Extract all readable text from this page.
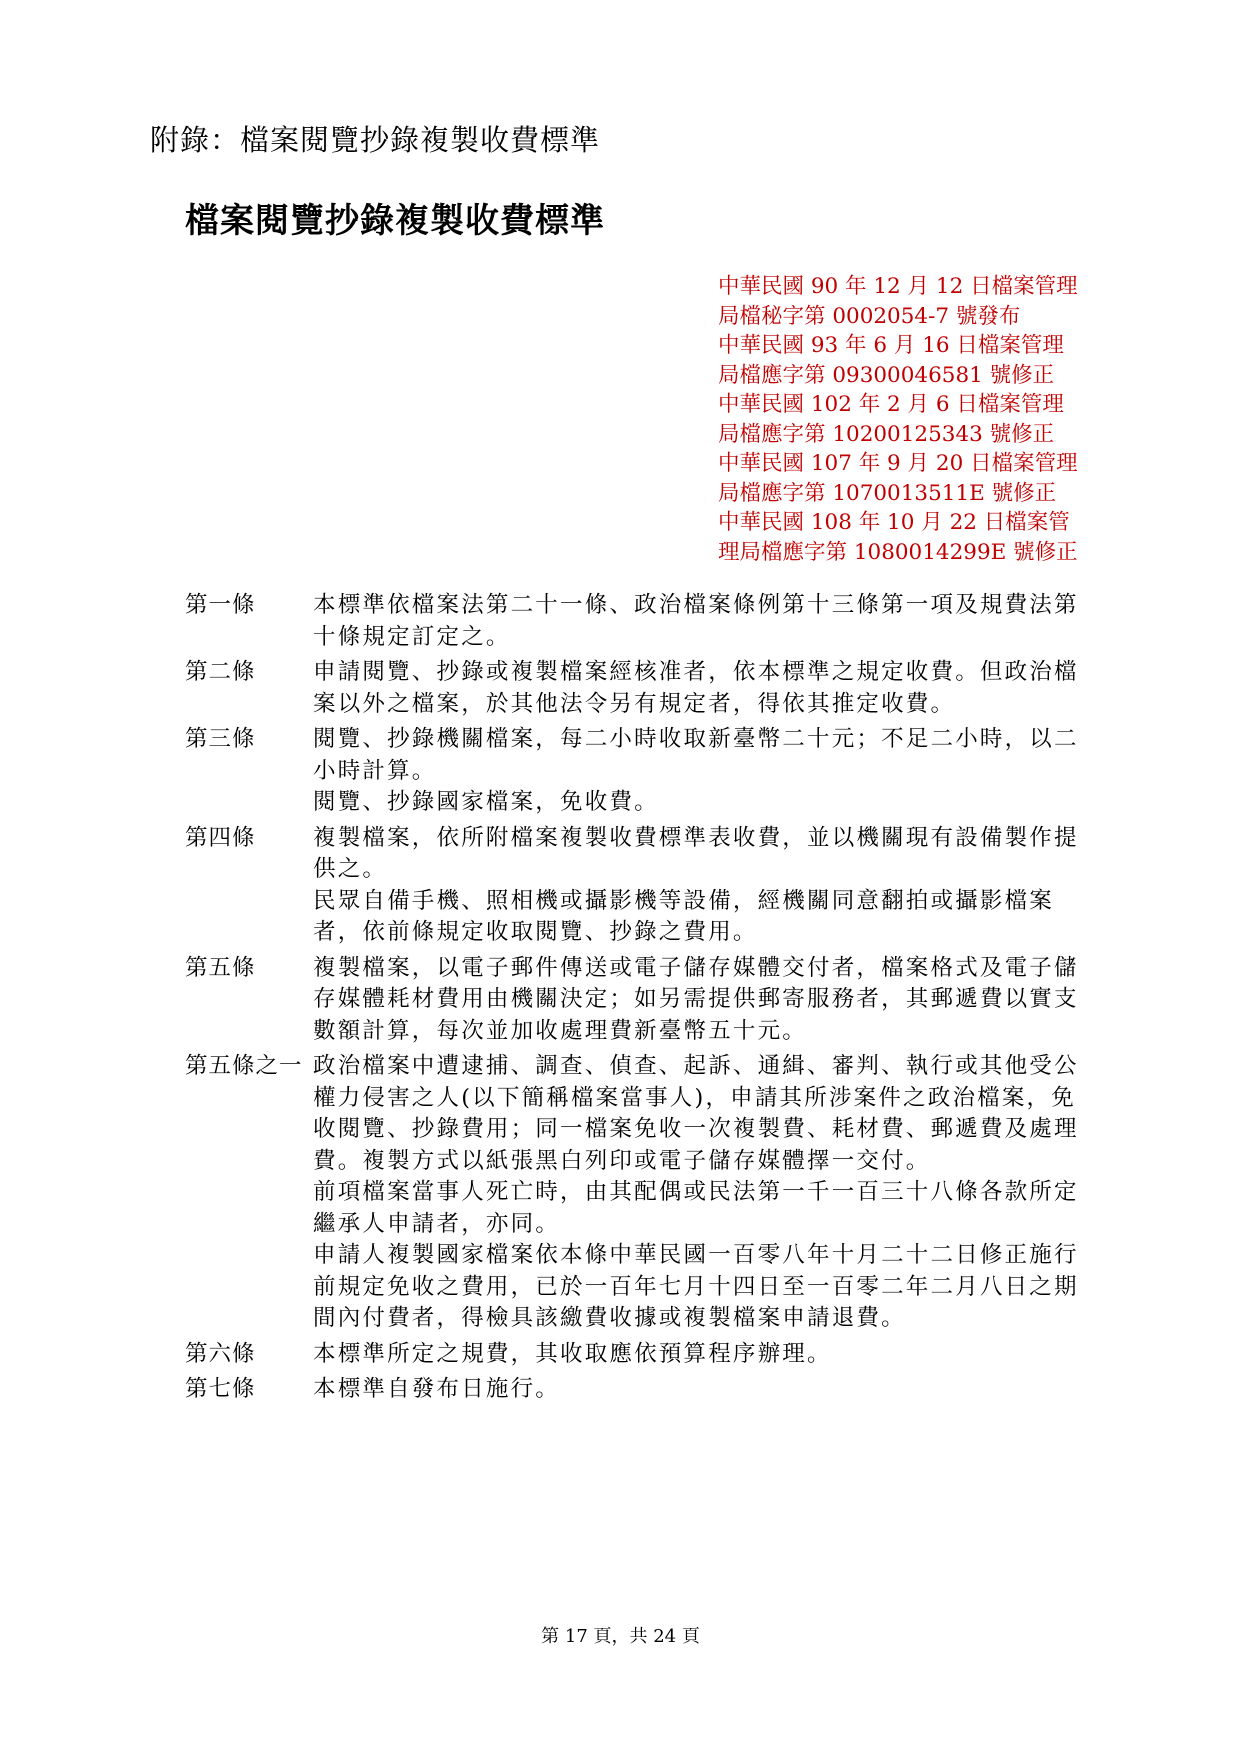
附錄：檔案閱覽抄錄複製收費標準
檔案閱覽抄錄複製收費標準
中華民國 90 年 12 月 12 日檔案管理
局檔秘字第 0002054-7 號發布
中華民國 93 年 6 月 16 日檔案管理
局檔應字第 09300046581 號修正
中華民國 102 年 2 月 6 日檔案管理
局檔應字第 10200125343 號修正
中華民國 107 年 9 月 20 日檔案管理
局檔應字第 1070013511E 號修正
中華民國 108 年 10 月 22 日檔案管
理局檔應字第 1080014299E 號修正
第一條	本標準依檔案法第二十一條、政治檔案條例第十三條第一項及規費法第十條規定訂定之。
第二條	申請閱覽、抄錄或複製檔案經核准者，依本標準之規定收費。但政治檔案以外之檔案，於其他法令另有規定者，得依其推定收費。
第三條	閱覽、抄錄機關檔案，每二小時收取新臺幣二十元；不足二小時，以二小時計算。
閱覽、抄錄國家檔案，免收費。
第四條	複製檔案，依所附檔案複製收費標準表收費，並以機關現有設備製作提供之。
民眾自備手機、照相機或攝影機等設備，經機關同意翻拍或攝影檔案者，依前條規定收取閱覽、抄錄之費用。
第五條	複製檔案，以電子郵件傳送或電子儲存媒體交付者，檔案格式及電子儲存媒體耗材費用由機關決定；如另需提供郵寄服務者，其郵遞費以實支數額計算，每次並加收處理費新臺幣五十元。
第五條之一 政治檔案中遭逮捕、調查、偵查、起訴、通緝、審判、執行或其他受公權力侵害之人(以下簡稱檔案當事人)，申請其所涉案件之政治檔案，免收閱覽、抄錄費用；同一檔案免收一次複製費、耗材費、郵遞費及處理費。複製方式以紙張黑白列印或電子儲存媒體擇一交付。
前項檔案當事人死亡時，由其配偶或民法第一千一百三十八條各款所定繼承人申請者，亦同。
申請人複製國家檔案依本條中華民國一百零八年十月二十二日修正施行前規定免收之費用，已於一百年七月十四日至一百零二年二月八日之期間內付費者，得檢具該繳費收據或複製檔案申請退費。
第六條	本標準所定之規費，其收取應依預算程序辦理。
第七條	本標準自發布日施行。
第 17 頁，共 24 頁
